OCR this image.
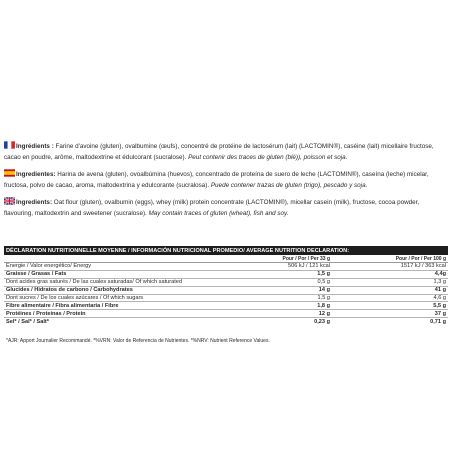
Ingrédients : Farine d'avoine (gluten), ovalbumine (œufs), concentré de protéine de lactosérum (lait) (LACTOMIN®), caséine (lait) micellaire fructose, cacao en poudre, arôme, maltodextrine et édulcorant (sucralose). Peut contenir des traces de gluten (blé)), poisson et soja.
Ingredientes: Harina de avena (gluten), ovoalbúmina (huevos), concentrado de proteína de suero de leche (LACTOMIN®), caseína (leche) micelar, fructosa, polvo de cacao, aroma, maltodextrina y edulcorante (sucralosa). Puede contener trazas de gluten (trigo), pescado y soja.
Ingredients: Oat flour (gluten), ovalbumin (eggs), whey (milk) protein concentrate (LACTOMIN®), micellar casein (milk), fructose, cocoa powder, flavouring, maltodextrin and sweetener (sucralose). May contain traces of gluten (wheat), fish and soy.
DÉCLARATION NUTRITIONNELLE MOYENNE / INFORMACIÓN NUTRICIONAL PROMEDIO/ AVERAGE NUTRITION DECLARATION:
Pour / Por / Per 33 g	Pour / Por / Per 100 g
Energie / Valor energético/ Energy	506 kJ / 121 kcal	1517 kJ / 363 kcal
Graisse / Grasas / Fats	1,5 g	4,4g
Dont acides gras saturés / De las cuales saturadas/ Of which saturated	0,5 g	1,3 g
Glucides / Hidratos de carbono / Carbohydrates	14 g	41 g
Dont sucres / De los cuales azúcares / Of which sugars	1,5 g	4,6 g
Fibre alimentaire / Fibra alimentaria / Fibre	1,8 g	5,5 g
Protéines / Proteínas / Protein	12 g	37 g
Sel* / Sal* / Salt*	0,23 g	0,71 g
*AJR: Apport Journalier Recommandé. *%VRN: Valor de Referencia de Nutrientes. *%NRV: Nutrient Reference Values.
